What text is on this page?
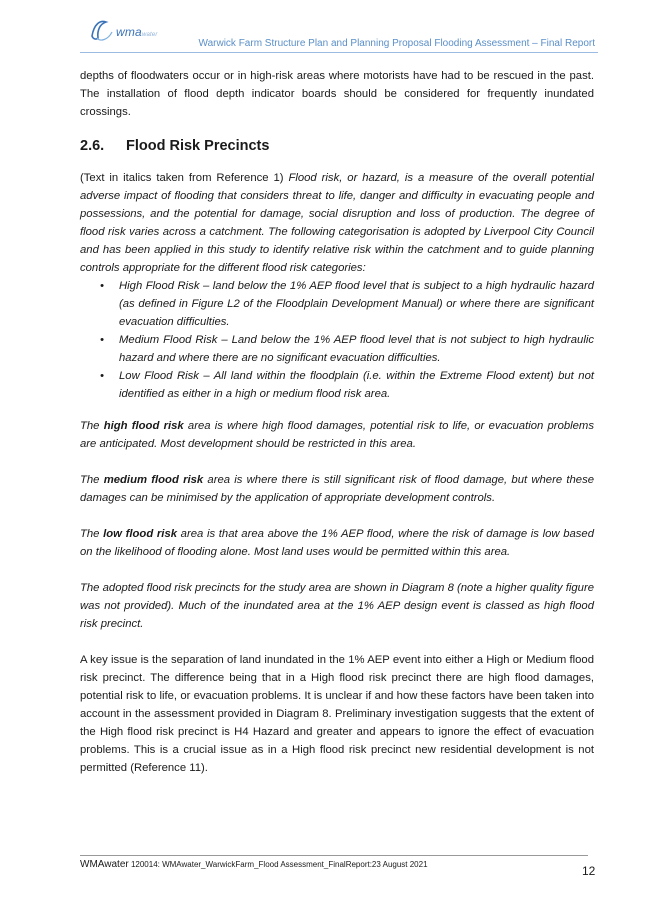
wmawater
Warwick Farm Structure Plan and Planning Proposal Flooding Assessment – Final Report
depths of floodwaters occur or in high-risk areas where motorists have had to be rescued in the past. The installation of flood depth indicator boards should be considered for frequently inundated crossings.
2.6. Flood Risk Precincts
(Text in italics taken from Reference 1) Flood risk, or hazard, is a measure of the overall potential adverse impact of flooding that considers threat to life, danger and difficulty in evacuating people and possessions, and the potential for damage, social disruption and loss of production. The degree of flood risk varies across a catchment. The following categorisation is adopted by Liverpool City Council and has been applied in this study to identify relative risk within the catchment and to guide planning controls appropriate for the different flood risk categories:
• High Flood Risk – land below the 1% AEP flood level that is subject to a high hydraulic hazard (as defined in Figure L2 of the Floodplain Development Manual) or where there are significant evacuation difficulties.
• Medium Flood Risk – Land below the 1% AEP flood level that is not subject to high hydraulic hazard and where there are no significant evacuation difficulties.
• Low Flood Risk – All land within the floodplain (i.e. within the Extreme Flood extent) but not identified as either in a high or medium flood risk area.
The high flood risk area is where high flood damages, potential risk to life, or evacuation problems are anticipated. Most development should be restricted in this area.
The medium flood risk area is where there is still significant risk of flood damage, but where these damages can be minimised by the application of appropriate development controls.
The low flood risk area is that area above the 1% AEP flood, where the risk of damage is low based on the likelihood of flooding alone. Most land uses would be permitted within this area.
The adopted flood risk precincts for the study area are shown in Diagram 8 (note a higher quality figure was not provided). Much of the inundated area at the 1% AEP design event is classed as high flood risk precinct.
A key issue is the separation of land inundated in the 1% AEP event into either a High or Medium flood risk precinct. The difference being that in a High flood risk precinct there are high flood damages, potential risk to life, or evacuation problems. It is unclear if and how these factors have been taken into account in the assessment provided in Diagram 8. Preliminary investigation suggests that the extent of the High flood risk precinct is H4 Hazard and greater and appears to ignore the effect of evacuation problems. This is a crucial issue as in a High flood risk precinct new residential development is not permitted (Reference 11).
WMAwater 120014: WMAwater_WarwickFarm_Flood Assessment_FinalReport:23 August 2021	12
